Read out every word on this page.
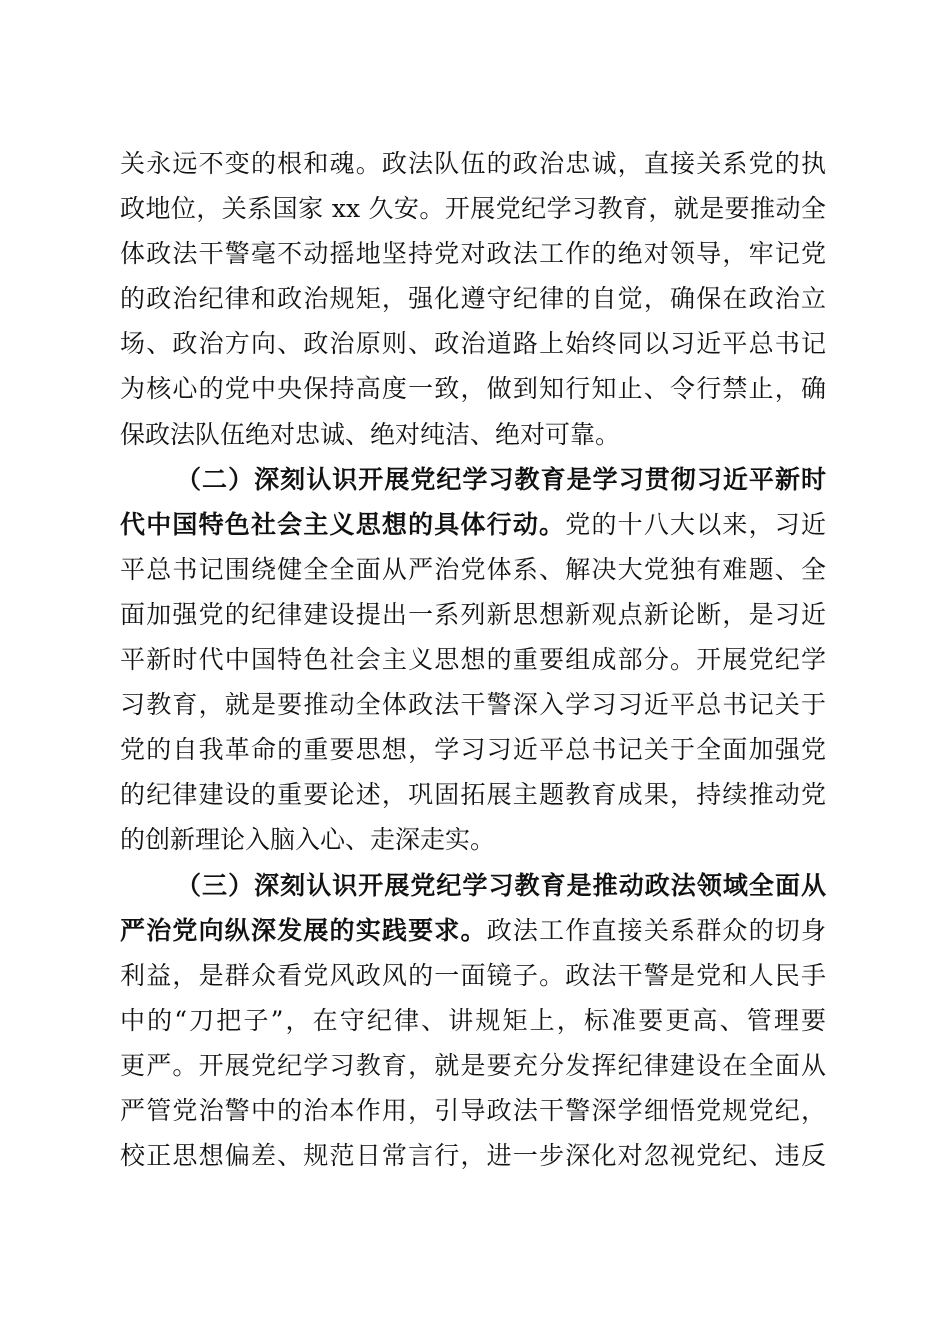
关永远不变的根和魂。政法队伍的政治忠诚，直接关系党的执
政地位，关系国家 xx 久安。开展党纪学习教育，就是要推动全
体政法干警毫不动摇地坚持党对政法工作的绝对领导，牢记党
的政治纪律和政治规矩，强化遵守纪律的自觉，确保在政治立
场、政治方向、政治原则、政治道路上始终同以习近平总书记
为核心的党中央保持高度一致，做到知行知止、令行禁止，确
保政法队伍绝对忠诚、绝对纯洁、绝对可靠。
（二）深刻认识开展党纪学习教育是学习贯彻习近平新时
代中国特色社会主义思想的具体行动。党的十八大以来，习近
平总书记围绕健全全面从严治党体系、解决大党独有难题、全
面加强党的纪律建设提出一系列新思想新观点新论断，是习近
平新时代中国特色社会主义思想的重要组成部分。开展党纪学
习教育，就是要推动全体政法干警深入学习习近平总书记关于
党的自我革命的重要思想，学习习近平总书记关于全面加强党
的纪律建设的重要论述，巩固拓展主题教育成果，持续推动党
的创新理论入脑入心、走深走实。
（三）深刻认识开展党纪学习教育是推动政法领域全面从
严治党向纵深发展的实践要求。政法工作直接关系群众的切身
利益，是群众看党风政风的一面镜子。政法干警是党和人民手
中的“刀把子”，在守纪律、讲规矩上，标准要更高、管理要
更严。开展党纪学习教育，就是要充分发挥纪律建设在全面从
严管党治警中的治本作用，引导政法干警深学细悟党规党纪，
校正思想偏差、规范日常言行，进一步深化对忽视党纪、违反
